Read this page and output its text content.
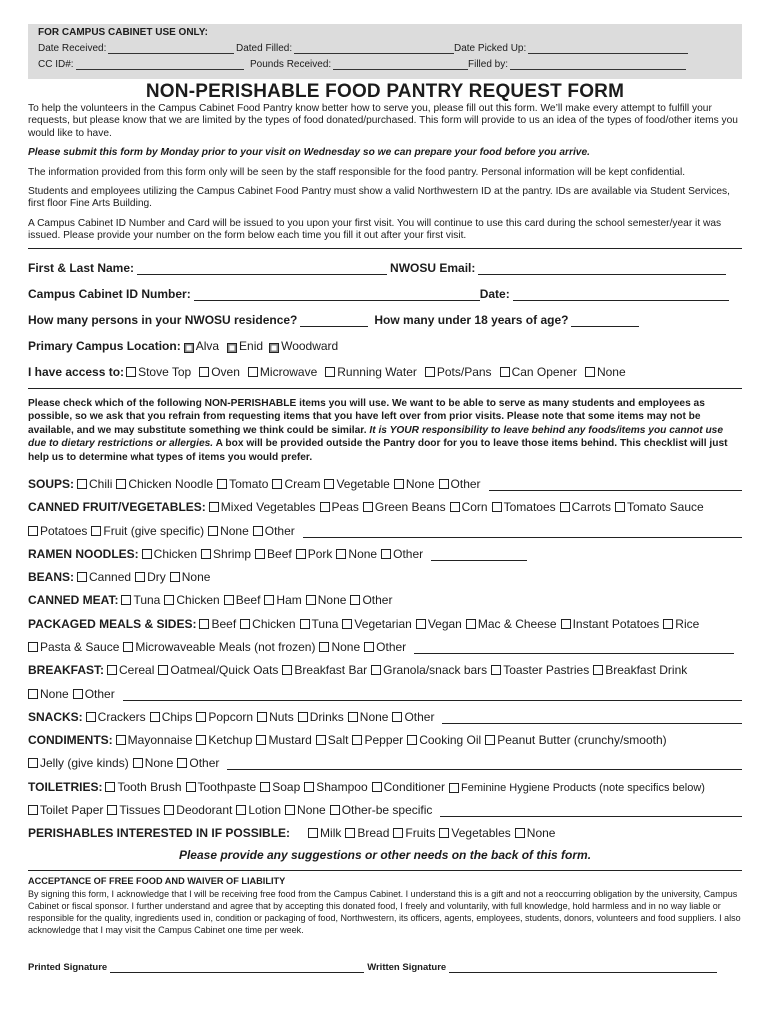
FOR CAMPUS CABINET USE ONLY:
Date Received:	Dated Filled:	Date Picked Up:
CC ID#:	Pounds Received:	Filled by:
NON-PERISHABLE FOOD PANTRY REQUEST FORM

To help the volunteers in the Campus Cabinet Food Pantry know better how to serve you, please fill out this form. We’ll make every attempt to fulfill your requests, but please know that we are limited by the types of food donated/purchased. This form will provide to us an idea of the types of food/other items you would like to have.

Please submit this form by Monday prior to your visit on Wednesday so we can prepare your food before you arrive.

The information provided from this form only will be seen by the staff responsible for the food pantry. Personal information will be kept confidential.

Students and employees utilizing the Campus Cabinet Food Pantry must show a valid Northwestern ID at the pantry. IDs are available via Student Services, first floor Fine Arts Building.

A Campus Cabinet ID Number and Card will be issued to you upon your first visit. You will continue to use this card during the school semester/year it was issued. Please provide your number on the form below each time you fill it out after your first visit.

First & Last Name:	NWOSU Email:
Campus Cabinet ID Number:	Date:
How many persons in your NWOSU residence?	How many under 18 years of age?
Primary Campus Location: Alva Enid Woodward
I have access to: Stove Top Oven Microwave Running Water Pots/Pans Can Opener None

Please check which of the following NON-PERISHABLE items you will use. We want to be able to serve as many students and employees as possible, so we ask that you refrain from requesting items that you have left over from prior visits. Please note that some items may not be available, and we may substitute something we think could be similar. It is YOUR responsibility to leave behind any foods/items you cannot use due to dietary restrictions or allergies. A box will be provided outside the Pantry door for you to leave those items behind. This checklist will just help us to determine what types of items you would prefer.

SOUPS: Chili Chicken Noodle Tomato Cream Vegetable None Other
CANNED FRUIT/VEGETABLES: Mixed Vegetables Peas Green Beans Corn Tomatoes Carrots Tomato Sauce
Potatoes Fruit (give specific) None Other
RAMEN NOODLES: Chicken Shrimp Beef Pork None Other
BEANS: Canned Dry None
CANNED MEAT: Tuna Chicken Beef Ham None Other
PACKAGED MEALS & SIDES: Beef Chicken Tuna Vegetarian Vegan Mac & Cheese Instant Potatoes Rice
Pasta & Sauce Microwaveable Meals (not frozen) None Other
BREAKFAST: Cereal Oatmeal/Quick Oats Breakfast Bar Granola/snack bars Toaster Pastries Breakfast Drink
None Other
SNACKS: Crackers Chips Popcorn Nuts Drinks None Other
CONDIMENTS: Mayonnaise Ketchup Mustard Salt Pepper Cooking Oil Peanut Butter (crunchy/smooth)
Jelly (give kinds) None Other
TOILETRIES: Tooth Brush Toothpaste Soap Shampoo Conditioner Feminine Hygiene Products (note specifics below)
Toilet Paper Tissues Deodorant Lotion None Other-be specific
PERISHABLES INTERESTED IN IF POSSIBLE:	Milk Bread Fruits Vegetables None
Please provide any suggestions or other needs on the back of this form.
ACCEPTANCE OF FREE FOOD AND WAIVER OF LIABILITY
By signing this form, I acknowledge that I will be receiving free food from the Campus Cabinet. I understand this is a gift and not a reoccurring obligation by the university, Campus Cabinet or fiscal sponsor. I further understand and agree that by accepting this donated food, I freely and voluntarily, with full knowledge, hold harmless and in no way liable or responsible for the quality, ingredients used in, condition or packaging of food, Northwestern, its officers, agents, employees, students, donors, volunteers and food suppliers. I also acknowledge that I may visit the Campus Cabinet one time per week.
Printed Signature	Written Signature
